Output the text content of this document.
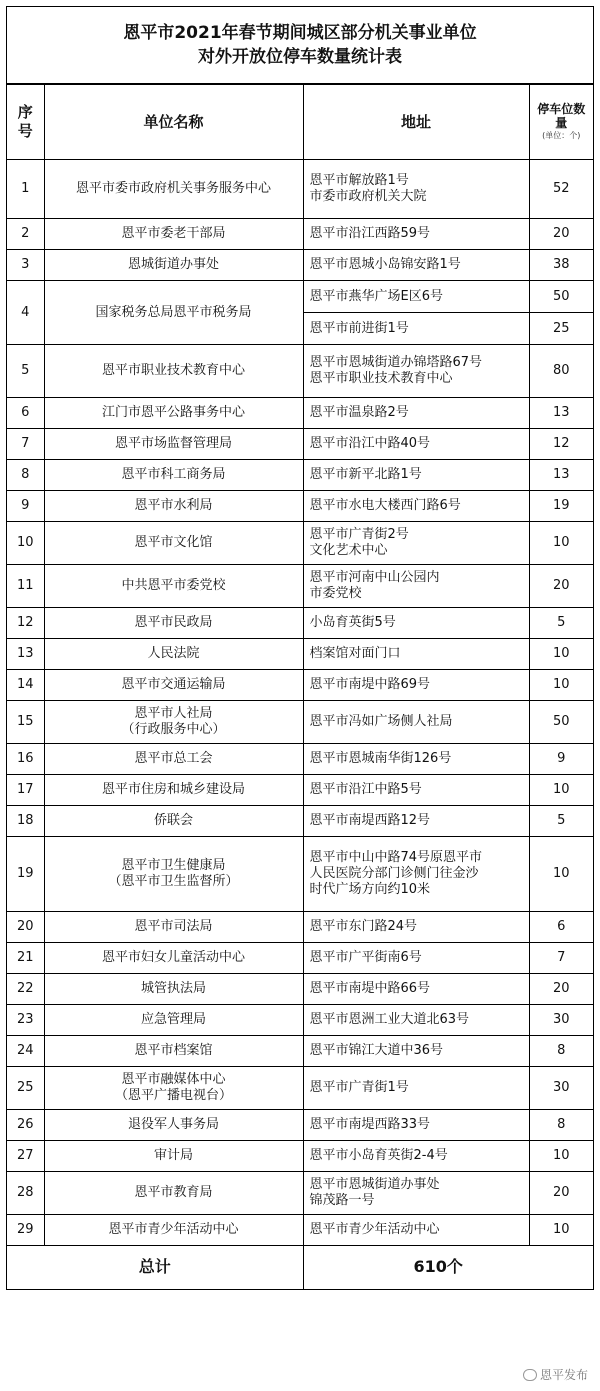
恩平市2021年春节期间城区部分机关事业单位
对外开放位停车数量统计表
序号	单位名称	地址	停车位数量
(单位：个)

1	恩平市委市政府机关事务服务中心	恩平市解放路1号
市委市政府机关大院	52
2	恩平市委老干部局	恩平市沿江西路59号	20
3	恩城街道办事处	恩平市恩城小岛锦安路1号	38
4	国家税务总局恩平市税务局	恩平市燕华广场E区6号	50
		恩平市前进街1号	25
5	恩平市职业技术教育中心	恩平市恩城街道办锦塔路67号
恩平市职业技术教育中心	80
6	江门市恩平公路事务中心	恩平市温泉路2号	13
7	恩平市场监督管理局	恩平市沿江中路40号	12
8	恩平市科工商务局	恩平市新平北路1号	13
9	恩平市水利局	恩平市水电大楼西门路6号	19
10	恩平市文化馆	恩平市广青街2号
文化艺术中心	10
11	中共恩平市委党校	恩平市河南中山公园内
市委党校	20
12	恩平市民政局	小岛育英街5号	5
13	人民法院	档案馆对面门口	10
14	恩平市交通运输局	恩平市南堤中路69号	10
15	恩平市人社局
（行政服务中心）	恩平市冯如广场侧人社局	50
16	恩平市总工会	恩平市恩城南华街126号	9
17	恩平市住房和城乡建设局	恩平市沿江中路5号	10
18	侨联会	恩平市南堤西路12号	5
19	恩平市卫生健康局
（恩平市卫生监督所）	恩平市中山中路74号原恩平市
人民医院分部门诊侧门往金沙
时代广场方向约10米	10
20	恩平市司法局	恩平市东门路24号	6
21	恩平市妇女儿童活动中心	恩平市广平街南6号	7
22	城管执法局	恩平市南堤中路66号	20
23	应急管理局	恩平市恩洲工业大道北63号	30
24	恩平市档案馆	恩平市锦江大道中36号	8
25	恩平市融媒体中心
（恩平广播电视台）	恩平市广青街1号	30
26	退役军人事务局	恩平市南堤西路33号	8
27	审计局	恩平市小岛育英街2-4号	10
28	恩平市教育局	恩平市恩城街道办事处
锦茂路一号	20
29	恩平市青少年活动中心	恩平市青少年活动中心	10
总计		610个	
恩平发布
